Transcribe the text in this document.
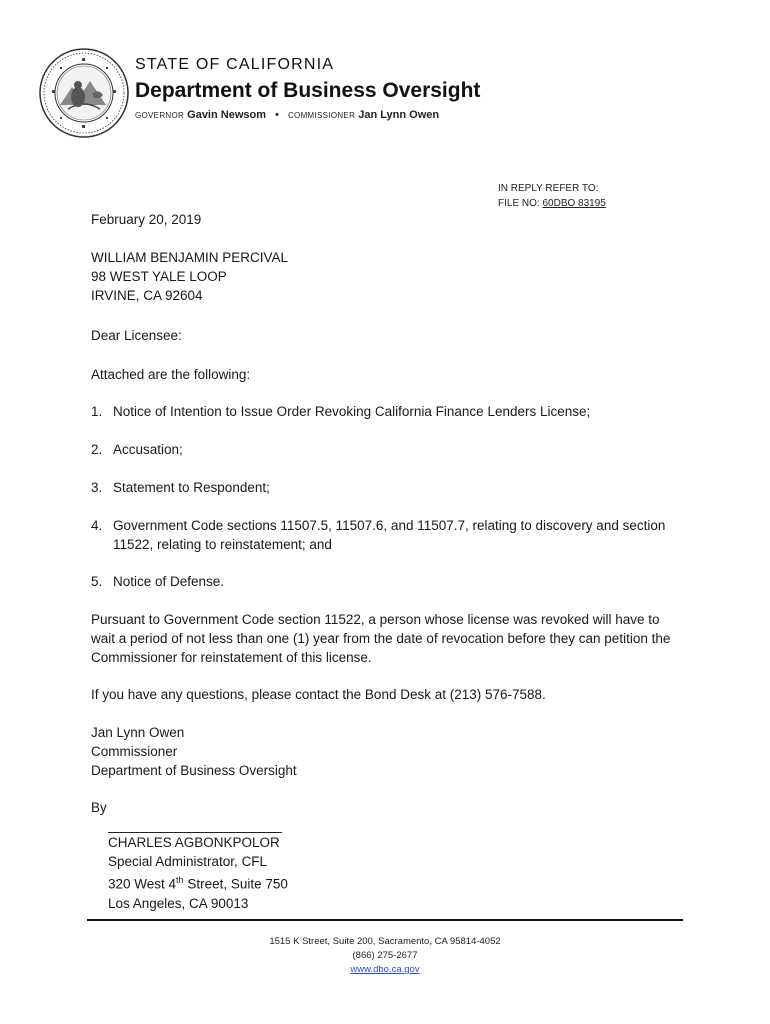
STATE OF CALIFORNIA
Department of Business Oversight
GOVERNOR Gavin Newsom • COMMISSIONER Jan Lynn Owen
IN REPLY REFER TO:
FILE NO: 60DBO 83195
February 20, 2019
WILLIAM BENJAMIN PERCIVAL
98 WEST YALE LOOP
IRVINE, CA 92604
Dear Licensee:
Attached are the following:
1. Notice of Intention to Issue Order Revoking California Finance Lenders License;
2. Accusation;
3. Statement to Respondent;
4. Government Code sections 11507.5, 11507.6, and 11507.7, relating to discovery and section 11522, relating to reinstatement; and
5. Notice of Defense.
Pursuant to Government Code section 11522, a person whose license was revoked will have to wait a period of not less than one (1) year from the date of revocation before they can petition the Commissioner for reinstatement of this license.
If you have any questions, please contact the Bond Desk at (213) 576-7588.
Jan Lynn Owen
Commissioner
Department of Business Oversight
By
CHARLES AGBONKPOLOR
Special Administrator, CFL
320 West 4th Street, Suite 750
Los Angeles, CA 90013
1515 K Street, Suite 200, Sacramento, CA 95814-4052
(866) 275-2677
www.dbo.ca.gov
